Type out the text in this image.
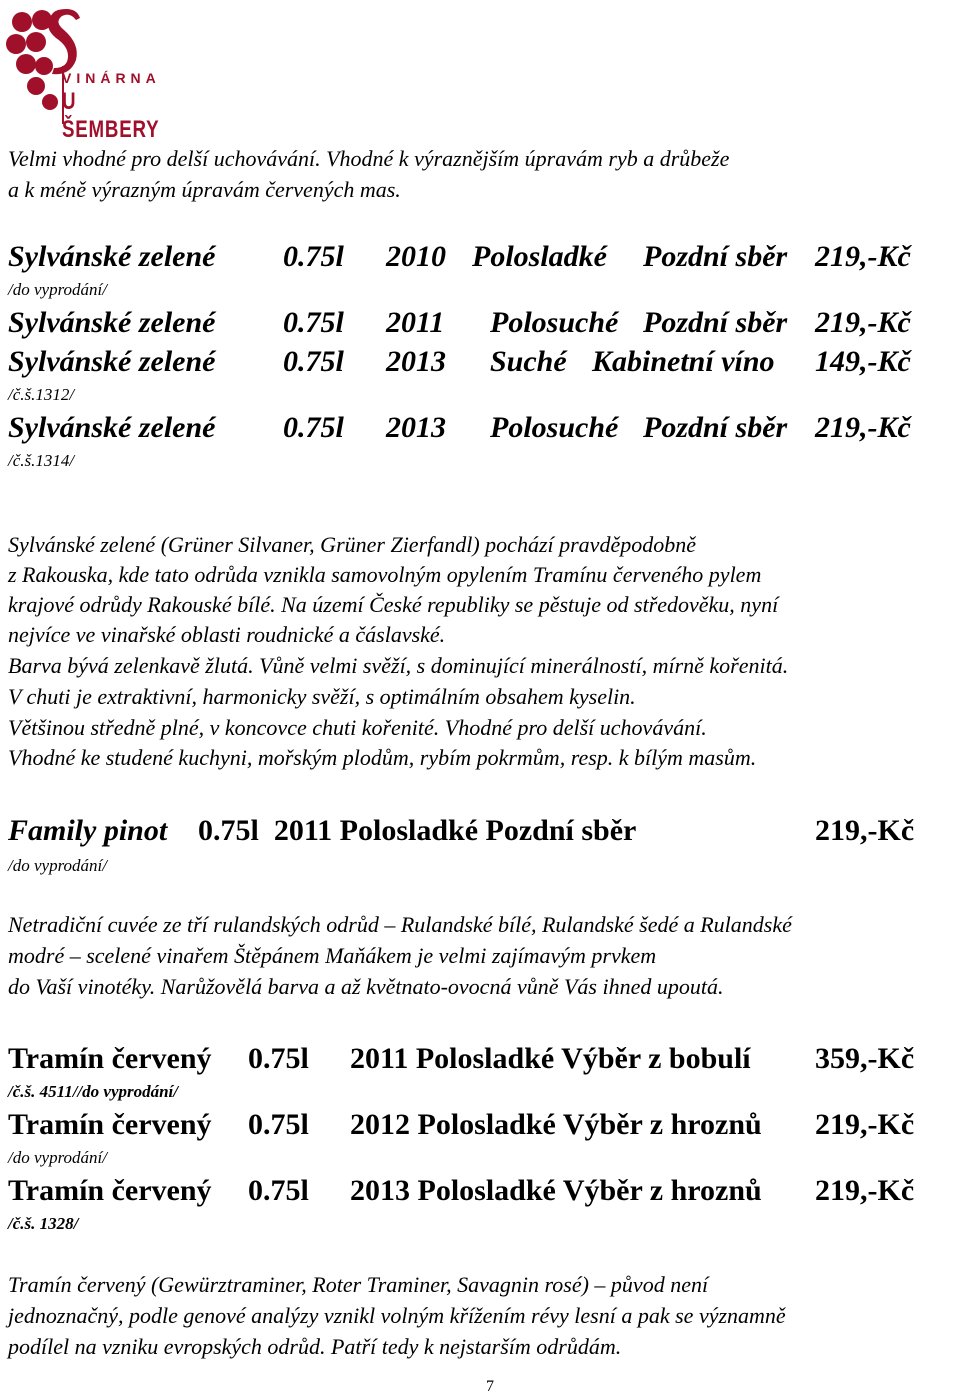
VINÁRNA
U ŠEMBERY
Velmi vhodné pro delší uchovávání. Vhodné k výraznějším úpravám ryb a drůbeže
a k méně výrazným úpravám červených mas.
Sylvánské zelené 0.75l 2010 Polosladké Pozdní sběr 219,-Kč
/do vyprodání/
Sylvánské zelené 0.75l 2011 Polosuché Pozdní sběr 219,-Kč
Sylvánské zelené 0.75l 2013 Suché Kabinetní víno 149,-Kč
/č.š.1312/
Sylvánské zelené 0.75l 2013 Polosuché Pozdní sběr 219,-Kč
/č.š.1314/
Sylvánské zelené (Grüner Silvaner, Grüner Zierfandl) pochází pravděpodobně
z Rakouska, kde tato odrůda vznikla samovolným opylením Tramínu červeného pylem
krajové odrůdy Rakouské bílé. Na území České republiky se pěstuje od středověku, nyní
nejvíce ve vinařské oblasti roudnické a čáslavské.
Barva bývá zelenkavě žlutá. Vůně velmi svěží, s dominující minerálností, mírně kořenitá.
V chuti je extraktivní, harmonicky svěží, s optimálním obsahem kyselin.
Většinou středně plné, v koncovce chuti kořenité. Vhodné pro delší uchovávání.
Vhodné ke studené kuchyni, mořským plodům, rybím pokrmům, resp. k bílým masům.
Family pinot 0.75l  2011 Polosladké Pozdní sběr	219,-Kč
/do vyprodání/
Netradiční cuvée ze tří rulandských odrůd – Rulandské bílé, Rulandské šedé a Rulandské
modré – scelené vinařem Štěpánem Maňákem je velmi zajímavým prvkem
do Vaší vinotéky. Narůžovělá barva a až květnato-ovocná vůně Vás ihned upoutá.
Tramín červený 0.75l 2011 Polosladké Výběr z bobulí 359,-Kč
/č.š. 4511//do vyprodání/
Tramín červený 0.75l 2012 Polosladké Výběr z hroznů 219,-Kč
/do vyprodání/
Tramín červený 0.75l 2013 Polosladké Výběr z hroznů 219,-Kč
/č.š. 1328/
Tramín červený (Gewürztraminer, Roter Traminer, Savagnin rosé) – původ není
jednoznačný, podle genové analýzy vznikl volným křížením révy lesní a pak se významně
podílel na vzniku evropských odrůd. Patří tedy k nejstarším odrůdám.
7
